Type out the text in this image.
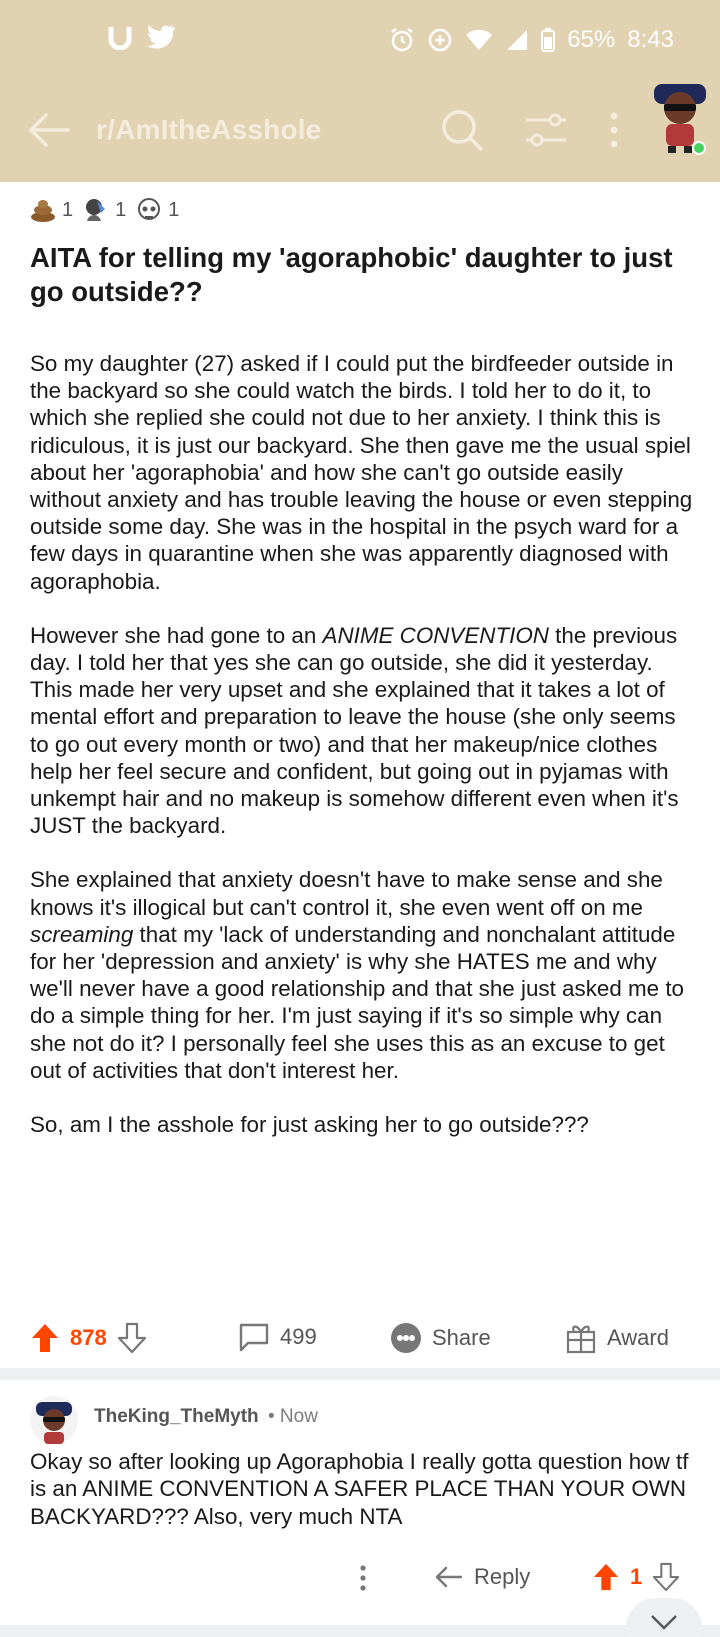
65% 8:43
r/AmItheAsshole
1 1 1
AITA for telling my 'agoraphobic' daughter to just go outside??

So my daughter (27) asked if I could put the birdfeeder outside in the backyard so she could watch the birds. I told her to do it, to which she replied she could not due to her anxiety. I think this is ridiculous, it is just our backyard. She then gave me the usual spiel about her 'agoraphobia' and how she can't go outside easily without anxiety and has trouble leaving the house or even stepping outside some day. She was in the hospital in the psych ward for a few days in quarantine when she was apparently diagnosed with agoraphobia.

However she had gone to an ANIME CONVENTION the previous day. I told her that yes she can go outside, she did it yesterday. This made her very upset and she explained that it takes a lot of mental effort and preparation to leave the house (she only seems to go out every month or two) and that her makeup/nice clothes help her feel secure and confident, but going out in pyjamas with unkempt hair and no makeup is somehow different even when it's JUST the backyard.

She explained that anxiety doesn't have to make sense and she knows it's illogical but can't control it, she even went off on me screaming that my 'lack of understanding and nonchalant attitude for her 'depression and anxiety' is why she HATES me and why we'll never have a good relationship and that she just asked me to do a simple thing for her. I'm just saying if it's so simple why can she not do it? I personally feel she uses this as an excuse to get out of activities that don't interest her.

So, am I the asshole for just asking her to go outside???

878	499	Share	Award
TheKing_TheMyth • Now
Okay so after looking up Agoraphobia I really gotta question how tf is an ANIME CONVENTION A SAFER PLACE THAN YOUR OWN BACKYARD??? Also, very much NTA
Reply	1
